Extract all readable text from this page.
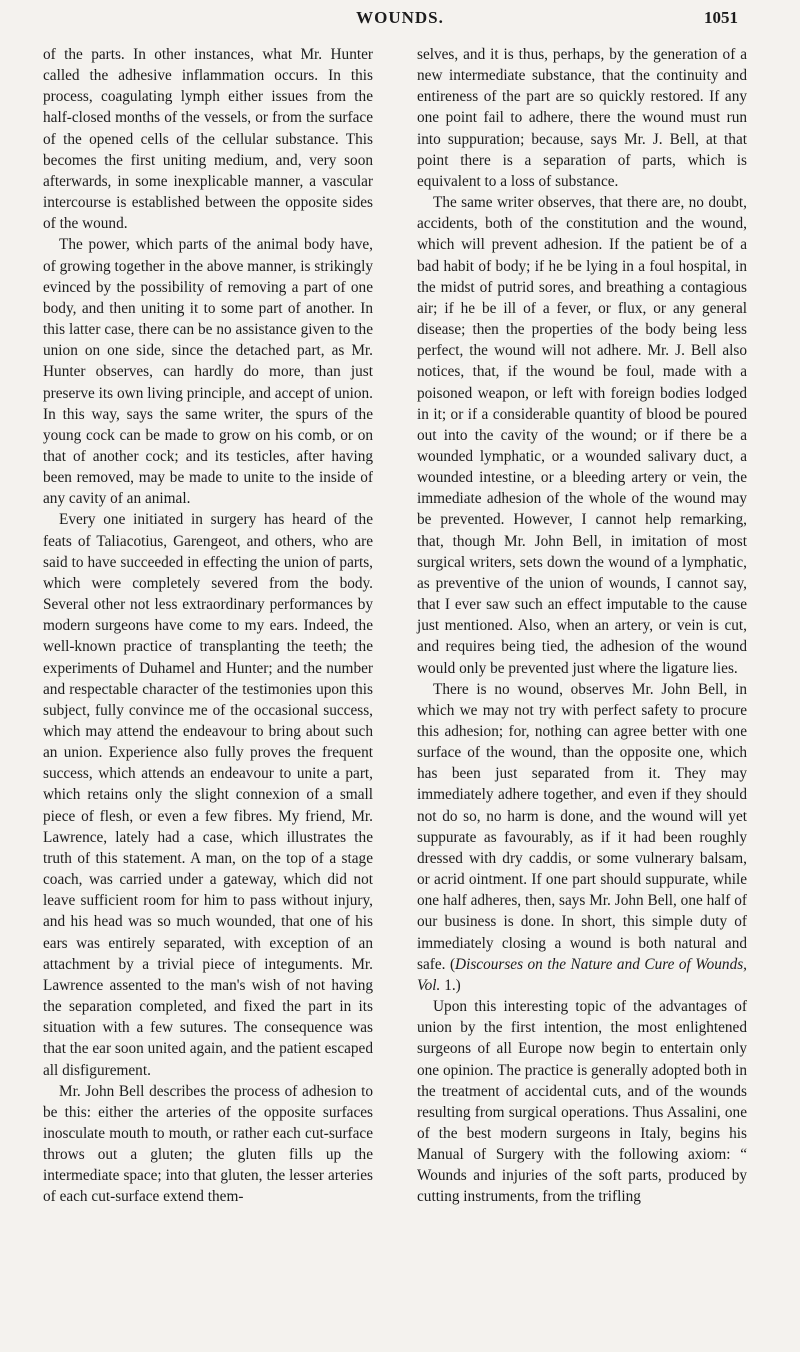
WOUNDS.	1051

of the parts. In other instances, what Mr. Hunter called the adhesive inflammation occurs. In this process, coagulating lymph either issues from the half-closed months of the vessels, or from the surface of the opened cells of the cellular substance. This becomes the first uniting medium, and, very soon afterwards, in some inexplicable manner, a vascular intercourse is established between the opposite sides of the wound.

The power, which parts of the animal body have, of growing together in the above manner, is strikingly evinced by the possibility of removing a part of one body, and then uniting it to some part of another. In this latter case, there can be no assistance given to the union on one side, since the detached part, as Mr. Hunter observes, can hardly do more, than just preserve its own living principle, and accept of union. In this way, says the same writer, the spurs of the young cock can be made to grow on his comb, or on that of another cock; and its testicles, after having been removed, may be made to unite to the inside of any cavity of an animal.

Every one initiated in surgery has heard of the feats of Taliacotius, Garengeot, and others, who are said to have succeeded in effecting the union of parts, which were completely severed from the body. Several other not less extraordinary performances by modern surgeons have come to my ears. Indeed, the well-known practice of transplanting the teeth; the experiments of Duhamel and Hunter; and the number and respectable character of the testimonies upon this subject, fully convince me of the occasional success, which may attend the endeavour to bring about such an union. Experience also fully proves the frequent success, which attends an endeavour to unite a part, which retains only the slight connexion of a small piece of flesh, or even a few fibres. My friend, Mr. Lawrence, lately had a case, which illustrates the truth of this statement. A man, on the top of a stage coach, was carried under a gateway, which did not leave sufficient room for him to pass without injury, and his head was so much wounded, that one of his ears was entirely separated, with exception of an attachment by a trivial piece of integuments. Mr. Lawrence assented to the man's wish of not having the separation completed, and fixed the part in its situation with a few sutures. The consequence was that the ear soon united again, and the patient escaped all disfigurement.

Mr. John Bell describes the process of adhesion to be this: either the arteries of the opposite surfaces inosculate mouth to mouth, or rather each cut-surface throws out a gluten; the gluten fills up the intermediate space; into that gluten, the lesser arteries of each cut-surface extend them-

selves, and it is thus, perhaps, by the generation of a new intermediate substance, that the continuity and entireness of the part are so quickly restored. If any one point fail to adhere, there the wound must run into suppuration; because, says Mr. J. Bell, at that point there is a separation of parts, which is equivalent to a loss of substance.

The same writer observes, that there are, no doubt, accidents, both of the constitution and the wound, which will prevent adhesion. If the patient be of a bad habit of body; if he be lying in a foul hospital, in the midst of putrid sores, and breathing a contagious air; if he be ill of a fever, or flux, or any general disease; then the properties of the body being less perfect, the wound will not adhere. Mr. J. Bell also notices, that, if the wound be foul, made with a poisoned weapon, or left with foreign bodies lodged in it; or if a considerable quantity of blood be poured out into the cavity of the wound; or if there be a wounded lymphatic, or a wounded salivary duct, a wounded intestine, or a bleeding artery or vein, the immediate adhesion of the whole of the wound may be prevented. However, I cannot help remarking, that, though Mr. John Bell, in imitation of most surgical writers, sets down the wound of a lymphatic, as preventive of the union of wounds, I cannot say, that I ever saw such an effect imputable to the cause just mentioned. Also, when an artery, or vein is cut, and requires being tied, the adhesion of the wound would only be prevented just where the ligature lies.

There is no wound, observes Mr. John Bell, in which we may not try with perfect safety to procure this adhesion; for, nothing can agree better with one surface of the wound, than the opposite one, which has been just separated from it. They may immediately adhere together, and even if they should not do so, no harm is done, and the wound will yet suppurate as favourably, as if it had been roughly dressed with dry caddis, or some vulnerary balsam, or acrid ointment. If one part should suppurate, while one half adheres, then, says Mr. John Bell, one half of our business is done. In short, this simple duty of immediately closing a wound is both natural and safe. (Discourses on the Nature and Cure of Wounds, Vol. 1.)

Upon this interesting topic of the advantages of union by the first intention, the most enlightened surgeons of all Europe now begin to entertain only one opinion. The practice is generally adopted both in the treatment of accidental cuts, and of the wounds resulting from surgical operations. Thus Assalini, one of the best modern surgeons in Italy, begins his Manual of Surgery with the following axiom: “ Wounds and injuries of the soft parts, produced by cutting instruments, from the trifling
